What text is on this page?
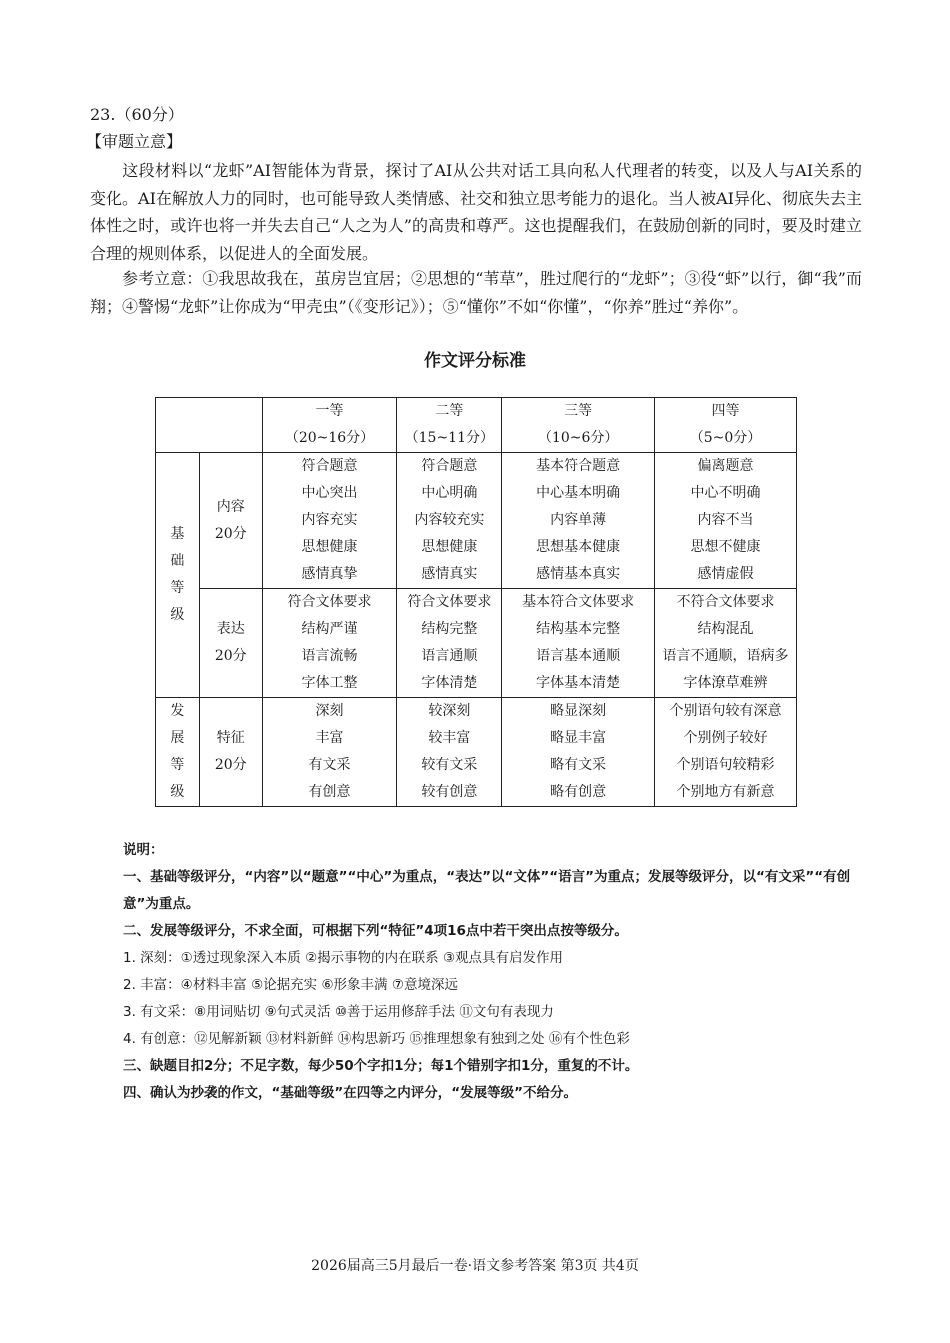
23.（60分）
【审题立意】
这段材料以“龙虾”AI智能体为背景，探讨了AI从公共对话工具向私人代理者的转变，以及人与AI关系的变化。AI在解放人力的同时，也可能导致人类情感、社交和独立思考能力的退化。当人被AI异化、彻底失去主体性之时，或许也将一并失去自己“人之为人”的高贵和尊严。这也提醒我们，在鼓励创新的同时，要及时建立合理的规则体系，以促进人的全面发展。
参考立意：①我思故我在，茧房岂宜居；②思想的“苇草”，胜过爬行的“龙虾”；③役“虾”以行，御“我”而翔；④警惕“龙虾”让你成为“甲壳虫”（《变形记》）；⑤“懂你”不如“你懂”，“你养”胜过“养你”。
作文评分标准

		一等
（20~16分）	二等
（15~11分）	三等
（10~6分）	四等
（5~0分）

基础等级	内容
20分	符合题意
中心突出
内容充实
思想健康
感情真挚	符合题意
中心明确
内容较充实
思想健康
感情真实	基本符合题意
中心基本明确
内容单薄
思想基本健康
感情基本真实	偏离题意
中心不明确
内容不当
思想不健康
感情虚假

	表达
20分	符合文体要求
结构严谨
语言流畅
字体工整	符合文体要求
结构完整
语言通顺
字体清楚	基本符合文体要求
结构基本完整
语言基本通顺
字体基本清楚	不符合文体要求
结构混乱
语言不通顺，语病多
字体潦草难辨

发展等级	特征
20分	深刻
丰富
有文采
有创意	较深刻
较丰富
较有文采
较有创意	略显深刻
略显丰富
略有文采
略有创意	个别语句较有深意
个别例子较好
个别语句较精彩
个别地方有新意
说明：
一、基础等级评分，“内容”以“题意”“中心”为重点，“表达”以“文体”“语言”为重点；发展等级评分，以“有文采”“有创意”为重点。
二、发展等级评分，不求全面，可根据下列“特征”4项16点中若干突出点按等级分。
1. 深刻：①透过现象深入本质 ②揭示事物的内在联系 ③观点具有启发作用
2. 丰富：④材料丰富 ⑤论据充实 ⑥形象丰满 ⑦意境深远
3. 有文采：⑧用词贴切 ⑨句式灵活 ⑩善于运用修辞手法 ⑪文句有表现力
4. 有创意：⑫见解新颖 ⑬材料新鲜 ⑭构思新巧 ⑮推理想象有独到之处 ⑯有个性色彩
三、缺题目扣2分；不足字数，每少50个字扣1分；每1个错别字扣1分，重复的不计。
四、确认为抄袭的作文，“基础等级”在四等之内评分，“发展等级”不给分。
2026届高三5月最后一卷·语文参考答案 第3页 共4页
